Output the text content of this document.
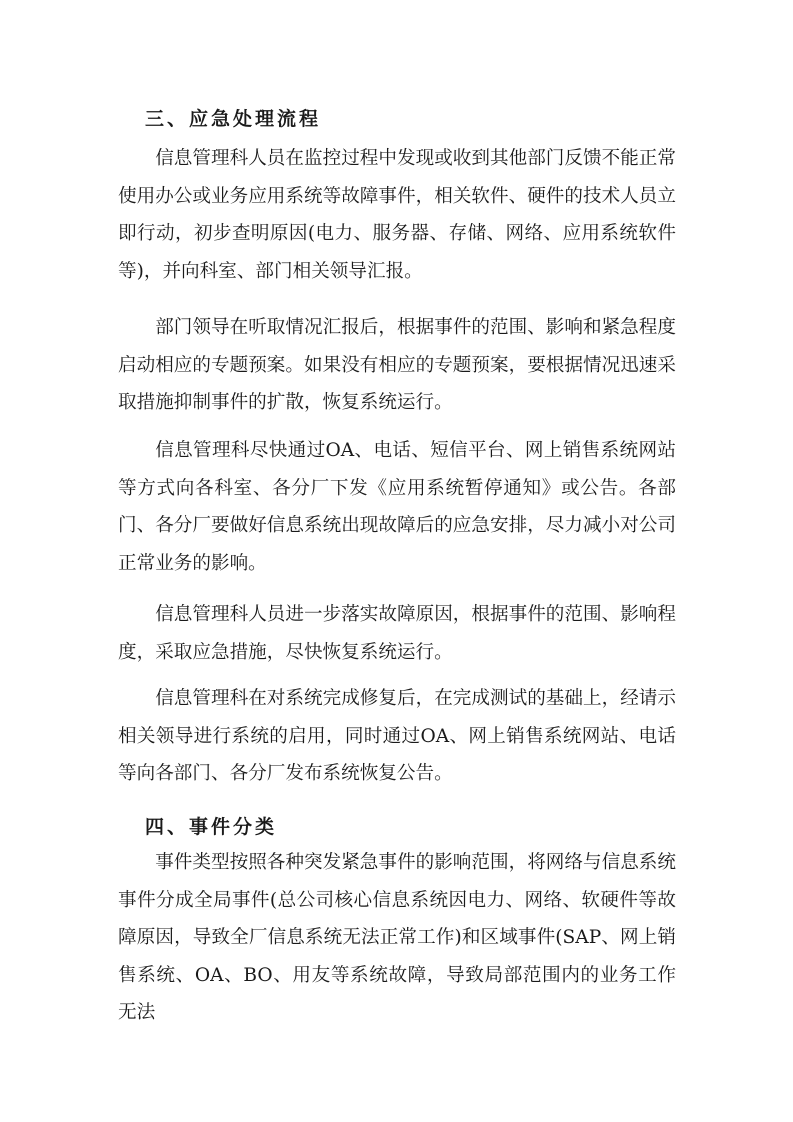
三、应急处理流程

信息管理科人员在监控过程中发现或收到其他部门反馈不能正常使用办公或业务应用系统等故障事件，相关软件、硬件的技术人员立即行动，初步查明原因(电力、服务器、存储、网络、应用系统软件等)，并向科室、部门相关领导汇报。

部门领导在听取情况汇报后，根据事件的范围、影响和紧急程度启动相应的专题预案。如果没有相应的专题预案，要根据情况迅速采取措施抑制事件的扩散，恢复系统运行。

信息管理科尽快通过OA、电话、短信平台、网上销售系统网站等方式向各科室、各分厂下发《应用系统暂停通知》或公告。各部门、各分厂要做好信息系统出现故障后的应急安排，尽力减小对公司正常业务的影响。

信息管理科人员进一步落实故障原因，根据事件的范围、影响程度，采取应急措施，尽快恢复系统运行。

信息管理科在对系统完成修复后，在完成测试的基础上，经请示相关领导进行系统的启用，同时通过OA、网上销售系统网站、电话等向各部门、各分厂发布系统恢复公告。

四、事件分类

事件类型按照各种突发紧急事件的影响范围，将网络与信息系统事件分成全局事件(总公司核心信息系统因电力、网络、软硬件等故障原因，导致全厂信息系统无法正常工作)和区域事件(SAP、网上销售系统、OA、BO、用友等系统故障，导致局部范围内的业务工作无法
